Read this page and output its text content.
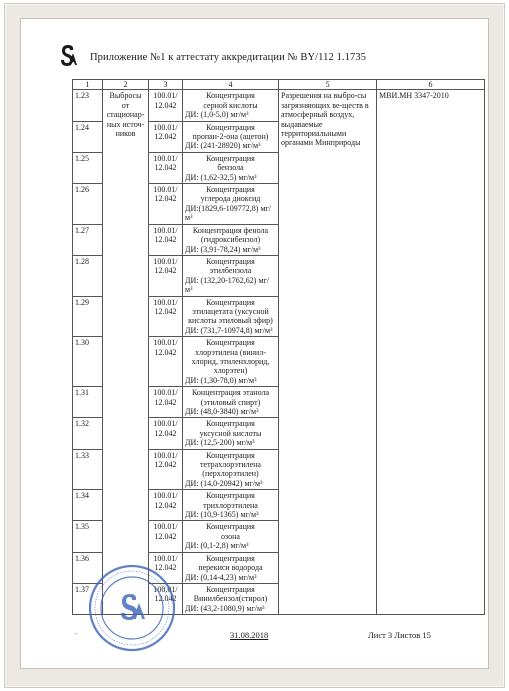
Приложение №1 к аттестату аккредитации № BY/112 1.1735
1	2	3	4	5	6
1.23	Выбросы от стационар-ных источ-ников	100.01/ 12.042	Концентрация
серной кислоты
ДИ: (1,0-5,0) мг/м³	Разрешения на выбро-сы загрязняющих ве-ществ в атмосферный воздух, выдаваемые территориальными органами Минприроды	МВИ.МН 3347-2010
1.24		100.01/ 12.042	Концентрация
пропан-2-она (ацетон)
ДИ: (241-28920) мг/м³		

1.25		100.01/ 12.042	Концентрация
бензола
ДИ: (1,62-32,5) мг/м³		

1.26		100.01/ 12.042	Концентрация
углерода диоксид
ДИ:(1829,6-109772,8) мг/м³		

1.27		100.01/ 12.042	Концентрация фенола
(гидроксибензол)
ДИ: (3,91-78,24) мг/м³		

1.28		100.01/ 12.042	Концентрация
этилбензола
ДИ: (132,20-1762,62) мг/м³		

1.29		100.01/ 12.042	Концентрация
этилацетата (уксусной кислоты этиловый эфир)
ДИ: (731,7-10974,8) мг/м³		

1.30		100.01/ 12.042	Концентрация
хлорэтилена (винил-хлорид, этиленхлорид, хлорэтен)
ДИ: (1,30-78,0) мг/м³		

1.31		100.01/ 12.042	Концентрация этанола
(этиловый спирт)
ДИ: (48,0-3840) мг/м³		

1.32		100.01/ 12.042	Концентрация
уксусной кислоты
ДИ: (12,5-200) мг/м³		

1.33		100.01/ 12.042	Концентрация
тетрахлорэтилена (перхлорэтилен)
ДИ: (14,0-20942) мг/м³		

1.34		100.01/ 12.042	Концентрация
трихлорэтилена
ДИ: (10,9-1365) мг/м³		

1.35		100.01/ 12.042	Концентрация
озона
ДИ: (0,1-2,8) мг/м³		

1.36		100.01/ 12.042	Концентрация
перекиси водорода
ДИ: (0,14-4,23) мг/м³		

1.37		100.01/ 12.042	Концентрация
Винилбензол(стирол)
ДИ: (43,2-1080,9) мг/м³		
~	31.08.2018	Лист 3 Листов 15
